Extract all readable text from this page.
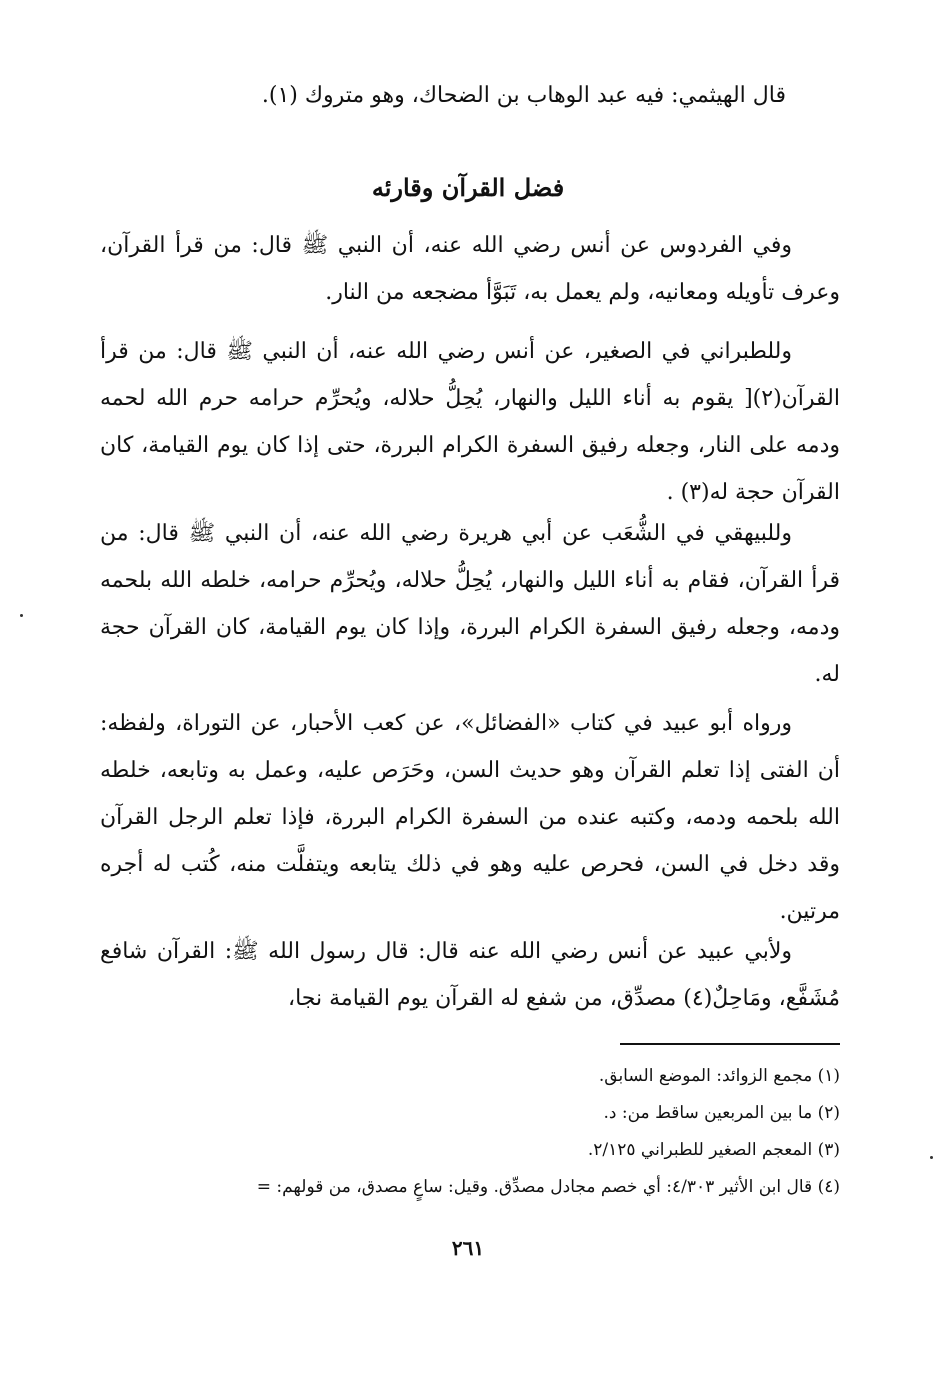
قال الهيثمي: فيه عبد الوهاب بن الضحاك، وهو متروك (١).
فضل القرآن وقارئه

وفي الفردوس عن أنس رضي الله عنه، أن النبي ﷺ قال: من قرأ القرآن، وعرف تأويله ومعانيه، ولم يعمل به، تَبَوَّأ مضجعه من النار.

وللطبراني في الصغير، عن أنس رضي الله عنه، أن النبي ﷺ قال: من قرأ القرآن(٢)[ يقوم به أناء الليل والنهار، يُحِلُّ حلاله، ويُحرِّم حرامه حرم الله لحمه ودمه على النار، وجعله رفيق السفرة الكرام البررة، حتى إذا كان يوم القيامة، كان القرآن حجة له(٣) .

وللبيهقي في الشُّعَب عن أبي هريرة رضي الله عنه، أن النبي ﷺ قال: من قرأ القرآن، فقام به أناء الليل والنهار، يُحِلُّ حلاله، ويُحرِّم حرامه، خلطه الله بلحمه ودمه، وجعله رفيق السفرة الكرام البررة، وإذا كان يوم القيامة، كان القرآن حجة له.

ورواه أبو عبيد في كتاب «الفضائل»، عن كعب الأحبار، عن التوراة، ولفظه: أن الفتى إذا تعلم القرآن وهو حديث السن، وحَرَص عليه، وعمل به وتابعه، خلطه الله بلحمه ودمه، وكتبه عنده من السفرة الكرام البررة، فإذا تعلم الرجل القرآن وقد دخل في السن، فحرص عليه وهو في ذلك يتابعه ويتفلَّت منه، كُتب له أجره مرتين.

ولأبي عبيد عن أنس رضي الله عنه قال: قال رسول الله ﷺ: القرآن شافع مُشَفَّع، ومَاحِلٌ(٤) مصدِّق، من شفع له القرآن يوم القيامة نجا،

(١) مجمع الزوائد: الموضع السابق.
(٢) ما بين المربعين ساقط من: د.
(٣) المعجم الصغير للطبراني ٢/١٢٥.
(٤) قال ابن الأثير ٤/٣٠٣: أي خصم مجادل مصدِّق. وقيل: ساعٍ مصدق، من قولهم: =
٢٦١
